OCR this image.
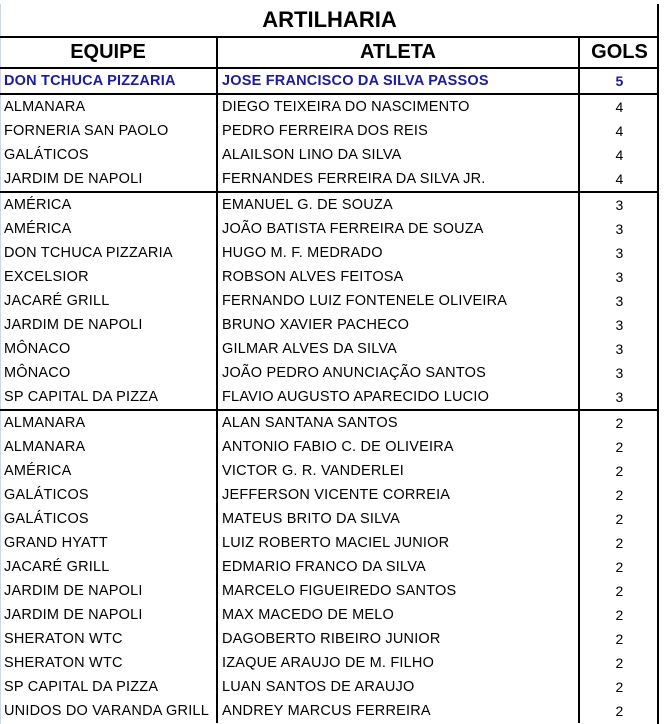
ARTILHARIA
EQUIPE	ATLETA	GOLS
DON TCHUCA PIZZARIA	JOSE FRANCISCO DA SILVA PASSOS	5
ALMANARA	DIEGO TEIXEIRA DO NASCIMENTO	4
FORNERIA SAN PAOLO	PEDRO FERREIRA DOS REIS	4
GALÁTICOS	ALAILSON LINO DA SILVA	4
JARDIM DE NAPOLI	FERNANDES FERREIRA DA SILVA JR.	4
AMÉRICA	EMANUEL G. DE SOUZA	3
AMÉRICA	JOÃO BATISTA FERREIRA DE SOUZA	3
DON TCHUCA PIZZARIA	HUGO M. F. MEDRADO	3
EXCELSIOR	ROBSON ALVES FEITOSA	3
JACARÉ GRILL	FERNANDO LUIZ FONTENELE OLIVEIRA	3
JARDIM DE NAPOLI	BRUNO XAVIER PACHECO	3
MÔNACO	GILMAR ALVES DA SILVA	3
MÔNACO	JOÃO PEDRO ANUNCIAÇÃO SANTOS	3
SP CAPITAL DA PIZZA	FLAVIO AUGUSTO APARECIDO LUCIO	3
ALMANARA	ALAN SANTANA SANTOS	2
ALMANARA	ANTONIO FABIO C. DE OLIVEIRA	2
AMÉRICA	VICTOR G. R. VANDERLEI	2
GALÁTICOS	JEFFERSON VICENTE CORREIA	2
GALÁTICOS	MATEUS BRITO DA SILVA	2
GRAND HYATT	LUIZ ROBERTO MACIEL JUNIOR	2
JACARÉ GRILL	EDMARIO FRANCO DA SILVA	2
JARDIM DE NAPOLI	MARCELO FIGUEIREDO SANTOS	2
JARDIM DE NAPOLI	MAX MACEDO DE MELO	2
SHERATON WTC	DAGOBERTO RIBEIRO JUNIOR	2
SHERATON WTC	IZAQUE ARAUJO DE M. FILHO	2
SP CAPITAL DA PIZZA	LUAN SANTOS DE ARAUJO	2
UNIDOS DO VARANDA GRILL	ANDREY MARCUS FERREIRA	2
